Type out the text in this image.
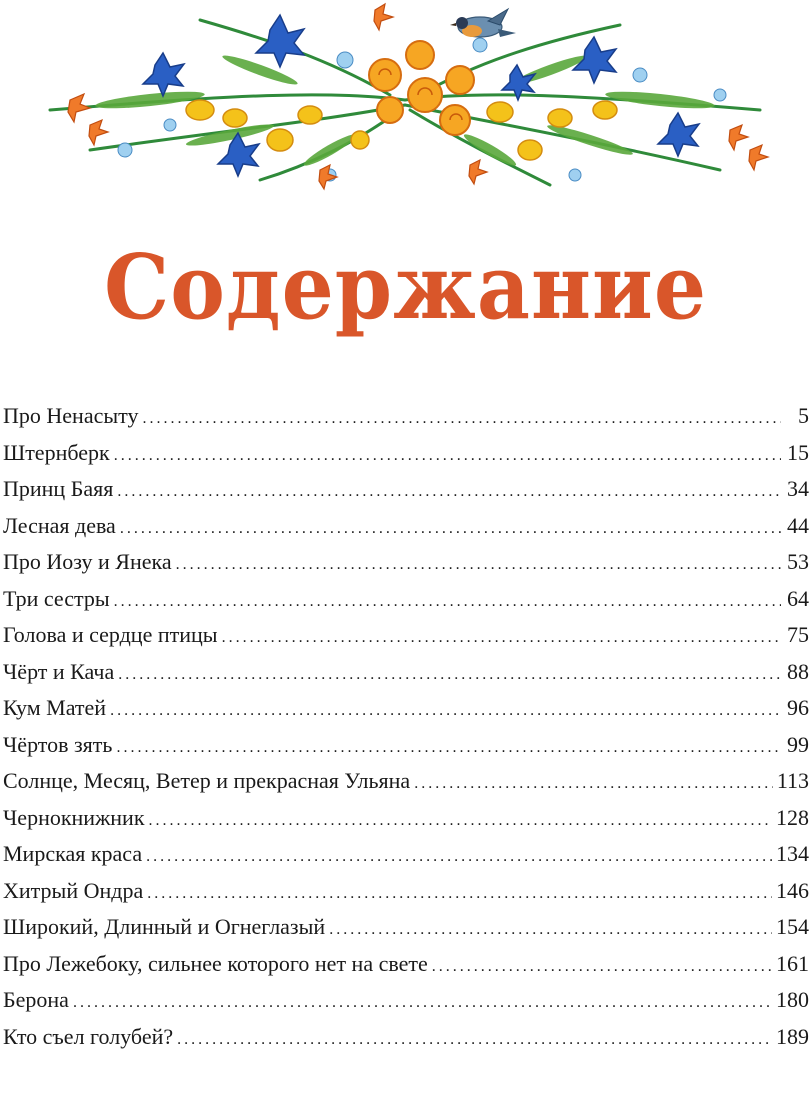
Содержание
Про Ненасыту . . .	5
Штернберк . . .	15
Принц Баяя . . .	34
Лесная дева . . .	44
Про Иозу и Янека . . .	53
Три сестры . . .	64
Голова и сердце птицы . . .	75
Чёрт и Кача . . .	88
Кум Матей . . .	96
Чёртов зять . . .	99
Солнце, Месяц, Ветер и прекрасная Ульяна . . .	113
Чернокнижник . . .	128
Мирская краса . . .	134
Хитрый Ондра . . .	146
Широкий, Длинный и Огнеглазый . . .	154
Про Лежебоку, сильнее которого нет на свете . . .	161
Берона . . .	180
Кто съел голубей? . . .	189
